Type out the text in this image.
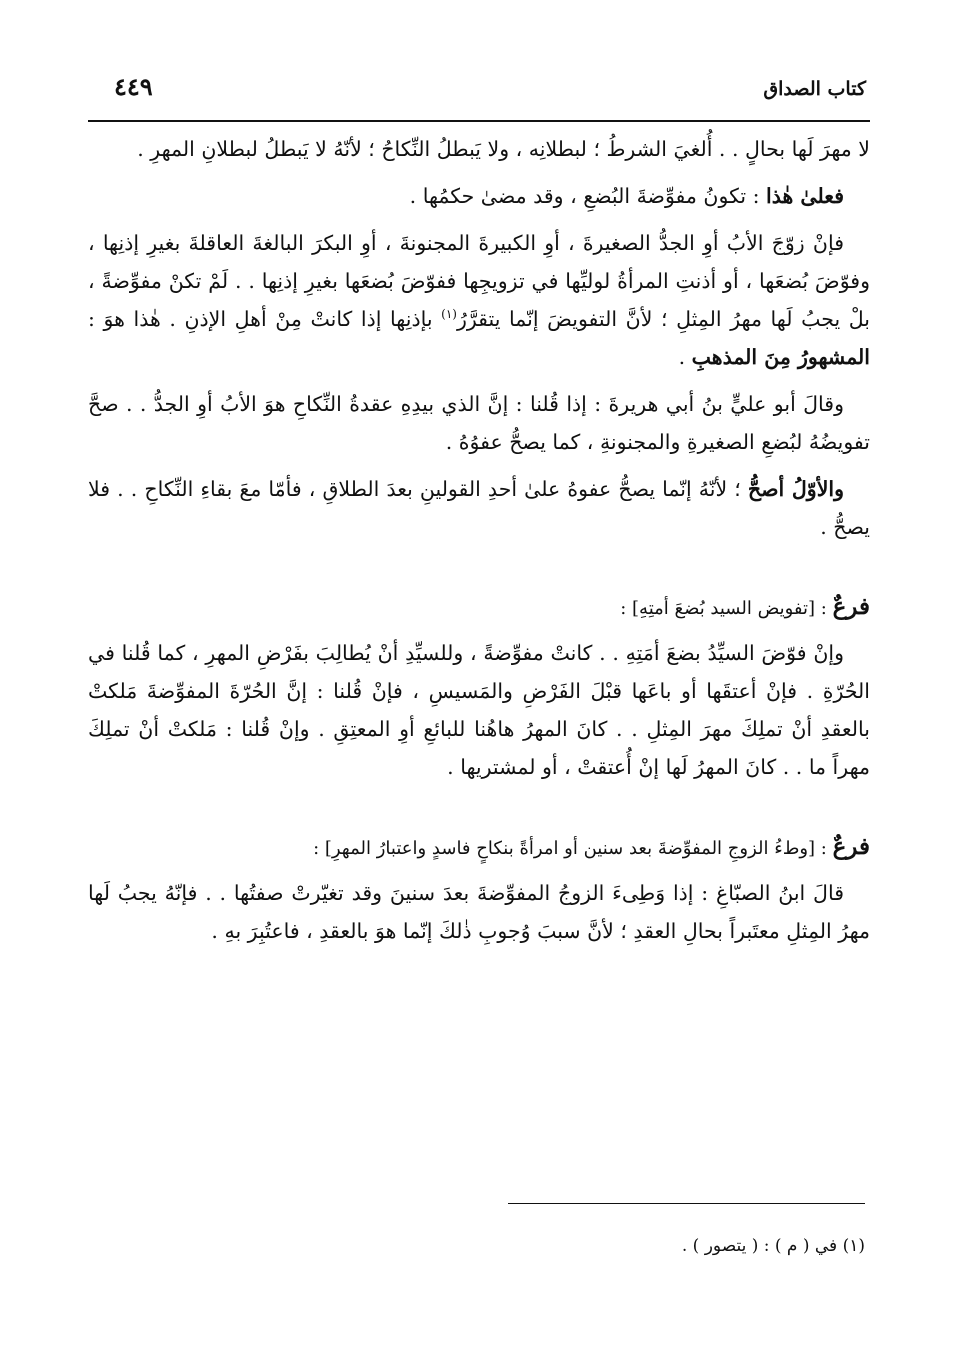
كتاب الصداق
٤٤٩

لا مهرَ لَها بحالٍ . . أُلغيَ الشرطُ ؛ لبطلانِه ، ولا يَبطلُ النِّكاحُ ؛ لأنّهُ لا يَبطلُ لبطلانِ المهرِ .

فعلىٰ هٰذا : تكونُ مفوِّضةَ البُضعِ ، وقد مضىٰ حكمُها .

فإنْ زوّجَ الأبُ أوِ الجدُّ الصغيرةَ ، أوِ الكبيرةَ المجنونةَ ، أوِ البكرَ البالغةَ العاقلةَ بغيرِ إذنِها ، وفوّضَ بُضعَها ، أو أذنتِ المرأةُ لوليِّها في تزويجِها ففوّضَ بُضعَها بغيرِ إذنِها . . لَمْ تكنْ مفوِّضةً ، بلْ يجبُ لَها مهرُ المِثلِ ؛ لأنَّ التفويضَ إنّما يتقرَّرُ$^{(١)}$ بإذنِها إذا كانتْ مِنْ أهلِ الإذنِ . هٰذا هوَ : المشهورُ مِنَ المذهبِ .

وقالَ أبو عليٍّ بنُ أبي هريرةَ : إذا قُلنا : إنَّ الذي بيدِهِ عقدةُ النِّكاحِ هوَ الأبُ أوِ الجدُّ . . صحَّ تفويضُهُ لبُضعِ الصغيرةِ والمجنونةِ ، كما يصحُّ عفوُهُ .

والأوّلُ أصحُّ ؛ لأنّهُ إنّما يصحُّ عفوهُ علىٰ أحدِ القولينِ بعدَ الطلاقِ ، فأمّا معَ بقاءِ النِّكاحِ . . فلا يصحُّ .

فرعٌ : [تفويض السيد بُضعَ أمتِهِ] :

وإنْ فوّضَ السيِّدُ بضعَ أمَتِهِ . . كانتْ مفوِّضةً ، وللسيِّدِ أنْ يُطالِبَ بفَرْضِ المهرِ ، كما قُلنا في الحُرّةِ . فإنْ أعتقَها أو باعَها قبْلَ الفَرْضِ والمَسيسِ ، فإنْ قُلنا : إنَّ الحُرّةَ المفوِّضةَ مَلكتْ بالعقدِ أنْ تملِكَ مهرَ المِثلِ . . كانَ المهرُ هاهُنا للبائعِ أوِ المعتِقِ . وإنْ قُلنا : مَلكتْ أنْ تملِكَ مهراً ما . . كانَ المهرُ لَها إنْ أُعتقتْ ، أو لمشتريها .

فرعٌ : [وطءُ الزوجِ المفوِّضةَ بعد سنين أو امرأةً بنكاحٍ فاسدٍ واعتبارُ المهرِ] :

قالَ ابنُ الصبّاغِ : إذا وَطِىءَ الزوجُ المفوِّضةَ بعدَ سنينَ وقد تغيّرتْ صفتُها . . فإنّهُ يجبُ لَها مهرُ المِثلِ معتَبراً بحالِ العقدِ ؛ لأنَّ سببَ وُجوبِ ذٰلكَ إنّما هوَ بالعقدِ ، فاعتُبِرَ بهِ .

(١) في ( م ) : ( يتصور ) .
